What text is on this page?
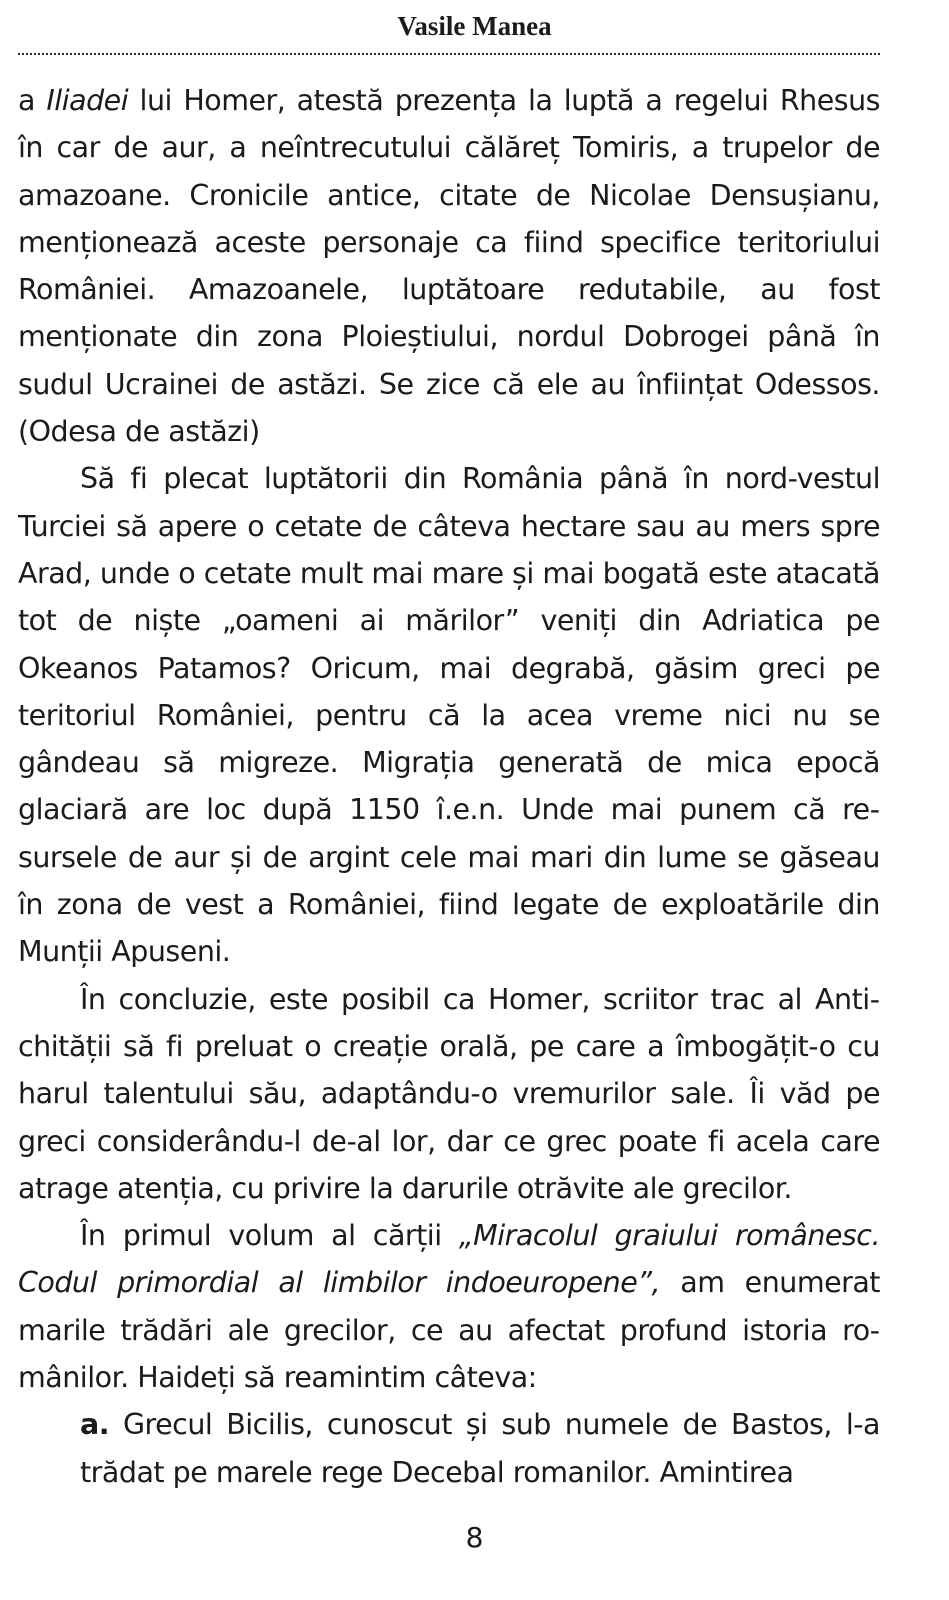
Vasile Manea

a Iliadei lui Homer, atestă prezența la luptă a regelui Rhesus în car de aur, a neîntrecutului călăreț Tomiris, a trupelor de amazoane. Cronicile antice, citate de Nicolae Densușianu, menționează aceste personaje ca fiind specifice teritoriului României. Amazoanele, luptătoare redutabile, au fost menționate din zona Ploieștiului, nordul Dobrogei până în sudul Ucrainei de astăzi. Se zice că ele au înființat Odessos. (Odesa de astăzi)

Să fi plecat luptătorii din România până în nord-vestul Turciei să apere o cetate de câteva hectare sau au mers spre Arad, unde o cetate mult mai mare și mai bogată este atacată tot de niște „oameni ai mărilor” veniți din Adriatica pe Okeanos Patamos? Oricum, mai degrabă, găsim greci pe teritoriul României, pentru că la acea vreme nici nu se gândeau să migreze. Migrația generată de mica epocă glaciară are loc după 1150 î.e.n. Unde mai punem că resursele de aur și de argint cele mai mari din lume se găseau în zona de vest a României, fiind legate de exploatările din Munții Apuseni.

În concluzie, este posibil ca Homer, scriitor trac al Antichității să fi preluat o creație orală, pe care a îmbogățit-o cu harul talentului său, adaptându-o vremurilor sale. Îi văd pe greci considerându-l de-al lor, dar ce grec poate fi acela care atrage atenția, cu privire la darurile otrăvite ale grecilor.

În primul volum al cărții „Miracolul graiului românesc. Codul primordial al limbilor indoeuropene”, am enumerat marile trădări ale grecilor, ce au afectat profund istoria românilor. Haideți să reamintim câteva:

a. Grecul Bicilis, cunoscut și sub numele de Bastos, l-a trădat pe marele rege Decebal romanilor. Amintirea

8
